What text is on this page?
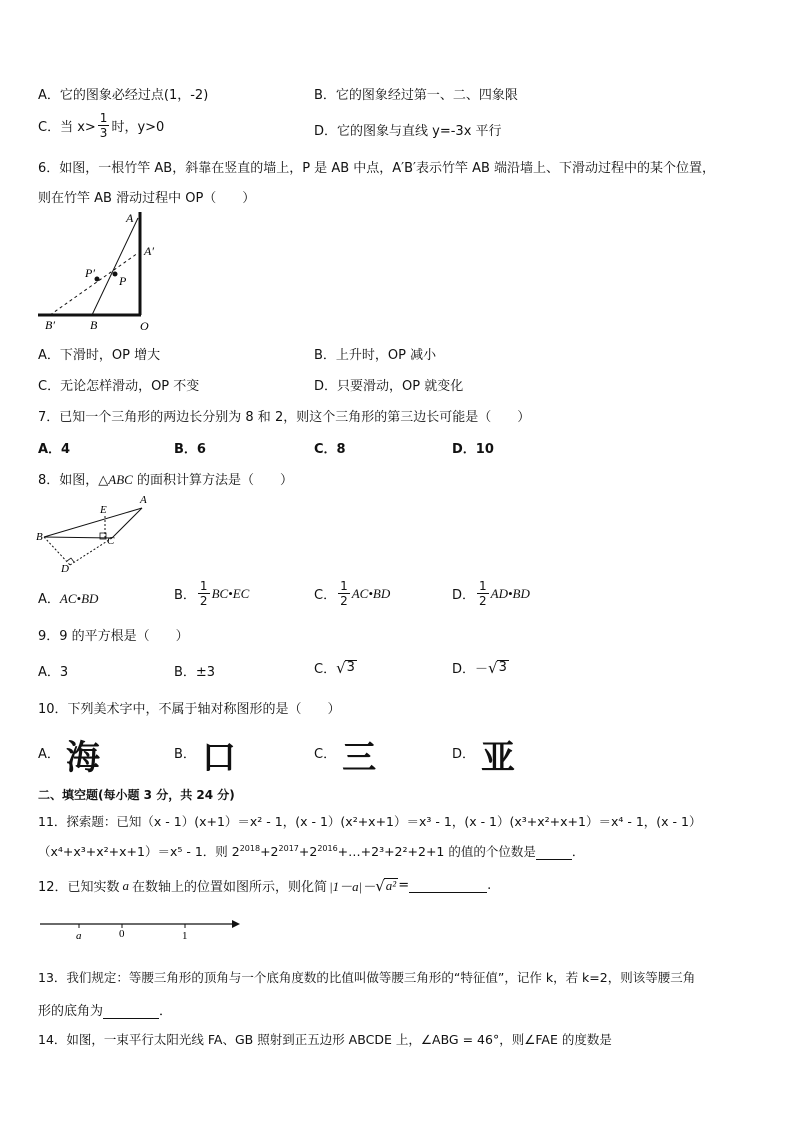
A．它的图象必经过点(1，-2)	B．它的图象经过第一、二、四象限
C．当 $x> \frac{1}{3}$ 时，y>0	D．它的图象与直线 y=-3x 平行
6．如图，一根竹竿 AB，斜靠在竖直的墙上，P 是 AB 中点，A′B′表示竹竿 AB 端沿墙上、下滑动过程中的某个位置，
则在竹竿 AB 滑动过程中 OP（　　）
A
A′
P′
P
B′	B	O
A．下滑时，OP 增大	B．上升时，OP 减小
C．无论怎样滑动，OP 不变	D．只要滑动，OP 就变化
7．已知一个三角形的两边长分别为 8 和 2，则这个三角形的第三边长可能是（　　）
A．4	B．6	C．8	D．10
8．如图，△ABC 的面积计算方法是（　　）
A
B	C
D
E
A．AC•BD	B． $\frac{1}{2}$ BC•EC	C． $\frac{1}{2}$ AC•BD	D． $\frac{1}{2}$ AD•BD
9．9 的平方根是（　　）
A．3	B．±3	C． √ 3	D．－ √ 3
10．下列美术字中，不属于轴对称图形的是（　　）
A． 海	B． 口	C． 三	D． 亚
二、填空题(每小题 3 分，共 24 分)
11．探索题：已知（x - 1）(x+1）＝x² - 1，(x - 1）(x²+x+1）＝x³ - 1，(x - 1）(x³+x²+x+1）＝x⁴ - 1，(x - 1）
（x⁴+x³+x²+x+1）＝x⁵ - 1．则 $2^{2018}+2^{2017}+2^{2016}+\dots+2^3+2^2+2+1$ 的值的个位数是	．
12．已知实数 a 在数轴上的位置如图所示，则化简 |1－a|－ √ a² =	.
a	0	1
13．我们规定：等腰三角形的顶角与一个底角度数的比值叫做等腰三角形的“特征值”，记作 k，若 k=2，则该等腰三角
形的底角为	．
14．如图，一束平行太阳光线 FA、GB 照射到正五边形 ABCDE 上，∠ABG = 46°，则∠FAE 的度数是
